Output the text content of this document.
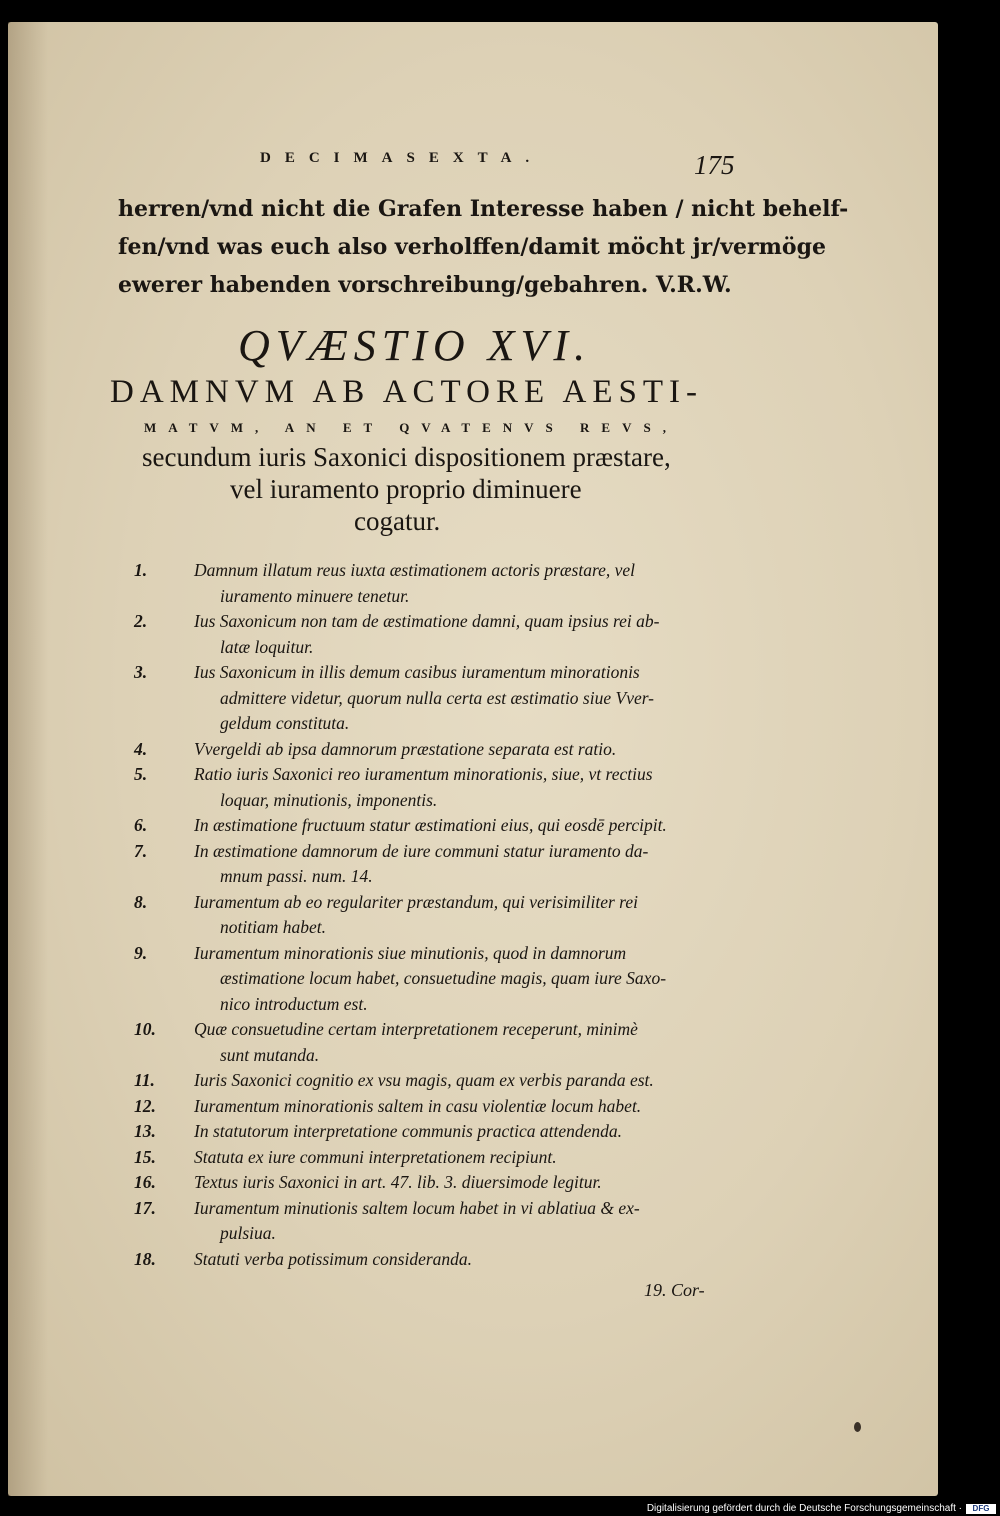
DECIMASEXTA.	175
herren/vnd nicht die Grafen Interesse haben / nicht behelf-
fen/vnd was euch also verholffen/damit möcht jr/vermöge
ewerer habenden vorschreibung/gebahren. V.R.W.
QVÆSTIO XVI.
DAMNVM AB ACTORE AESTI-
MATVM, AN ET QVATENVS REVS,
secundum iuris Saxonici dispositionem præstare,
vel iuramento proprio diminuere
cogatur.
1.	Damnum illatum reus iuxta æstimationem actoris præstare, vel
iuramento minuere tenetur.
2.	Ius Saxonicum non tam de æstimatione damni, quam ipsius rei ab-
latæ loquitur.
3.	Ius Saxonicum in illis demum casibus iuramentum minorationis
admittere videtur, quorum nulla certa est æstimatio siue Vver-
geldum constituta.
4.	Vvergeldi ab ipsa damnorum præstatione separata est ratio.
5.	Ratio iuris Saxonici reo iuramentum minorationis, siue, vt rectius
loquar, minutionis, imponentis.
6.	In æstimatione fructuum statur æstimationi eius, qui eosdē percipit.
7.	In æstimatione damnorum de iure communi statur iuramento da-
mnum passi. num. 14.
8.	Iuramentum ab eo regulariter præstandum, qui verisimiliter rei
notitiam habet.
9.	Iuramentum minorationis siue minutionis, quod in damnorum
æstimatione locum habet, consuetudine magis, quam iure Saxo-
nico introductum est.
10.	Quæ consuetudine certam interpretationem receperunt, minimè
sunt mutanda.
11.	Iuris Saxonici cognitio ex vsu magis, quam ex verbis paranda est.
12.	Iuramentum minorationis saltem in casu violentiæ locum habet.
13.	In statutorum interpretatione communis practica attendenda.
15.	Statuta ex iure communi interpretationem recipiunt.
16.	Textus iuris Saxonici in art. 47. lib. 3. diuersimode legitur.
17.	Iuramentum minutionis saltem locum habet in vi ablatiua & ex-
pulsiua.
18.	Statuti verba potissimum consideranda.
19. Cor-
Digitalisierung gefördert durch die Deutsche Forschungsgemeinschaft ·	DFG
